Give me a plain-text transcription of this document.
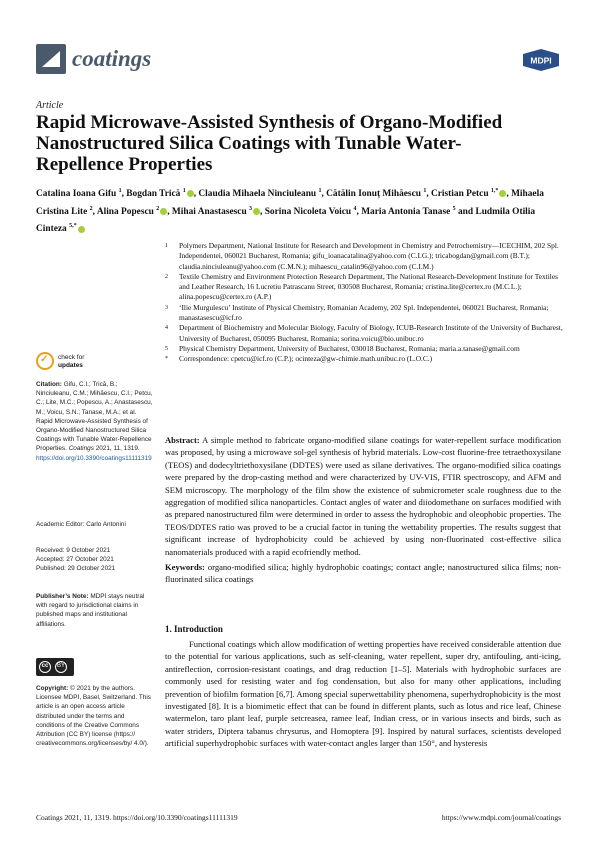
coatings	MDPI
Article
Rapid Microwave-Assisted Synthesis of Organo-Modified Nanostructured Silica Coatings with Tunable Water-Repellence Properties
Catalina Ioana Gifu $^1$, Bogdan Trică $^1$ , Claudia Mihaela Ninciuleanu $^1$, Cătălin Ionuț Mihăescu $^1$, Cristian Petcu $^{1,*}$ , Mihaela Cristina Lite $^2$, Alina Popescu $^2$ , Mihai Anastasescu $^3$ , Sorina Nicoleta Voicu $^4$, Maria Antonia Tanase $^5$ and Ludmila Otilia Cinteza $^{5,*}$
1 Polymers Department, National Institute for Research and Development in Chemistry and Petrochemistry—ICECHIM, 202 Spl. Independentei, 060021 Bucharest, Romania; gifu_ioanacatalina@yahoo.com (C.I.G.); tricabogdan@gmail.com (B.T.); claudia.ninciuleanu@yahoo.com (C.M.N.); mihaescu_catalin96@yahoo.com (C.I.M.)
2 Textile Chemistry and Environment Protection Research Department, The National Research-Development Institute for Textiles and Leather Research, 16 Lucretiu Patrascanu Street, 030508 Bucharest, Romania; cristina.lite@certex.ro (M.C.L.); alina.popescu@certex.ro (A.P.)
3 ‘Ilie Murgulescu’ Institute of Physical Chemistry, Romanian Academy, 202 Spl. Independentei, 060021 Bucharest, Romania; manastasescu@icf.ro
4 Department of Biochemistry and Molecular Biology, Faculty of Biology, ICUB-Research Institute of the University of Bucharest, University of Bucharest, 050095 Bucharest, Romania; sorina.voicu@bio.unibuc.ro
5 Physical Chemistry Department, University of Bucharest, 030018 Bucharest, Romania; maria.a.tanase@gmail.com
* Correspondence: cpetcu@icf.ro (C.P.); ocinteza@gw-chimie.math.unibuc.ro (L.O.C.)
✓ check for
updates
Citation: Gifu, C.I.; Trică, B.; Ninciuleanu, C.M.; Mihăescu, C.I.; Petcu, C.; Lite, M.C.; Popescu, A.; Anastasescu, M.; Voicu, S.N.; Tanase, M.A.; et al. Rapid Microwave-Assisted Synthesis of Organo-Modified Nanostructured Silica Coatings with Tunable Water-Repellence Properties. Coatings 2021, 11, 1319. https://doi.org/10.3390/coatings11111319
Academic Editor: Carlo Antonini
Received: 9 October 2021
Accepted: 27 October 2021
Published: 29 October 2021
Publisher’s Note: MDPI stays neutral with regard to jurisdictional claims in published maps and institutional affiliations.
cc	BY
Copyright: © 2021 by the authors. Licensee MDPI, Basel, Switzerland. This article is an open access article distributed under the terms and conditions of the Creative Commons Attribution (CC BY) license (https:// creativecommons.org/licenses/by/ 4.0/).
Abstract: A simple method to fabricate organo-modified silane coatings for water-repellent surface modification was proposed, by using a microwave sol-gel synthesis of hybrid materials. Low-cost fluorine-free tetraethoxysilane (TEOS) and dodecyltriethoxysilane (DDTES) were used as silane derivatives. The organo-modified silica coatings were prepared by the drop-casting method and were characterized by UV-VIS, FTIR spectroscopy, and AFM and SEM microscopy. The morphology of the film show the existence of submicrometer scale roughness due to the aggregation of modified silica nanoparticles. Contact angles of water and diiodomethane on surfaces modified with as prepared nanostructured film were determined in order to assess the hydrophobic and oleophobic properties. The TEOS/DDTES ratio was proved to be a crucial factor in tuning the wettability properties. The results suggest that significant increase of hydrophobicity could be achieved by using non-fluorinated cost-effective silica nanomaterials produced with a rapid ecofriendly method.
Keywords: organo-modified silica; highly hydrophobic coatings; contact angle; nanostructured silica films; non-fluorinated silica coatings
1. Introduction
Functional coatings which allow modification of wetting properties have received considerable attention due to the potential for various applications, such as self-cleaning, water repellent, super dry, antifouling, anti-icing, antireflection, corrosion-resistant coatings, and drag reduction [1–5]. Materials with hydrophobic surfaces are commonly used for resisting water and fog condensation, but also for many other applications, including prevention of biofilm formation [6,7]. Among special superwettability phenomena, superhydrophobicity is the most investigated [8]. It is a biomimetic effect that can be found in different plants, such as lotus and rice leaf, Chinese watermelon, taro plant leaf, purple setcreasea, ramee leaf, Indian cress, or in various insects and birds, such as water striders, Diptera tabanus chrysurus, and Homoptera [9]. Inspired by natural surfaces, scientists developed artificial superhydrophobic surfaces with water-contact angles larger than 150°, and hysteresis
Coatings 2021, 11, 1319. https://doi.org/10.3390/coatings11111319	https://www.mdpi.com/journal/coatings
